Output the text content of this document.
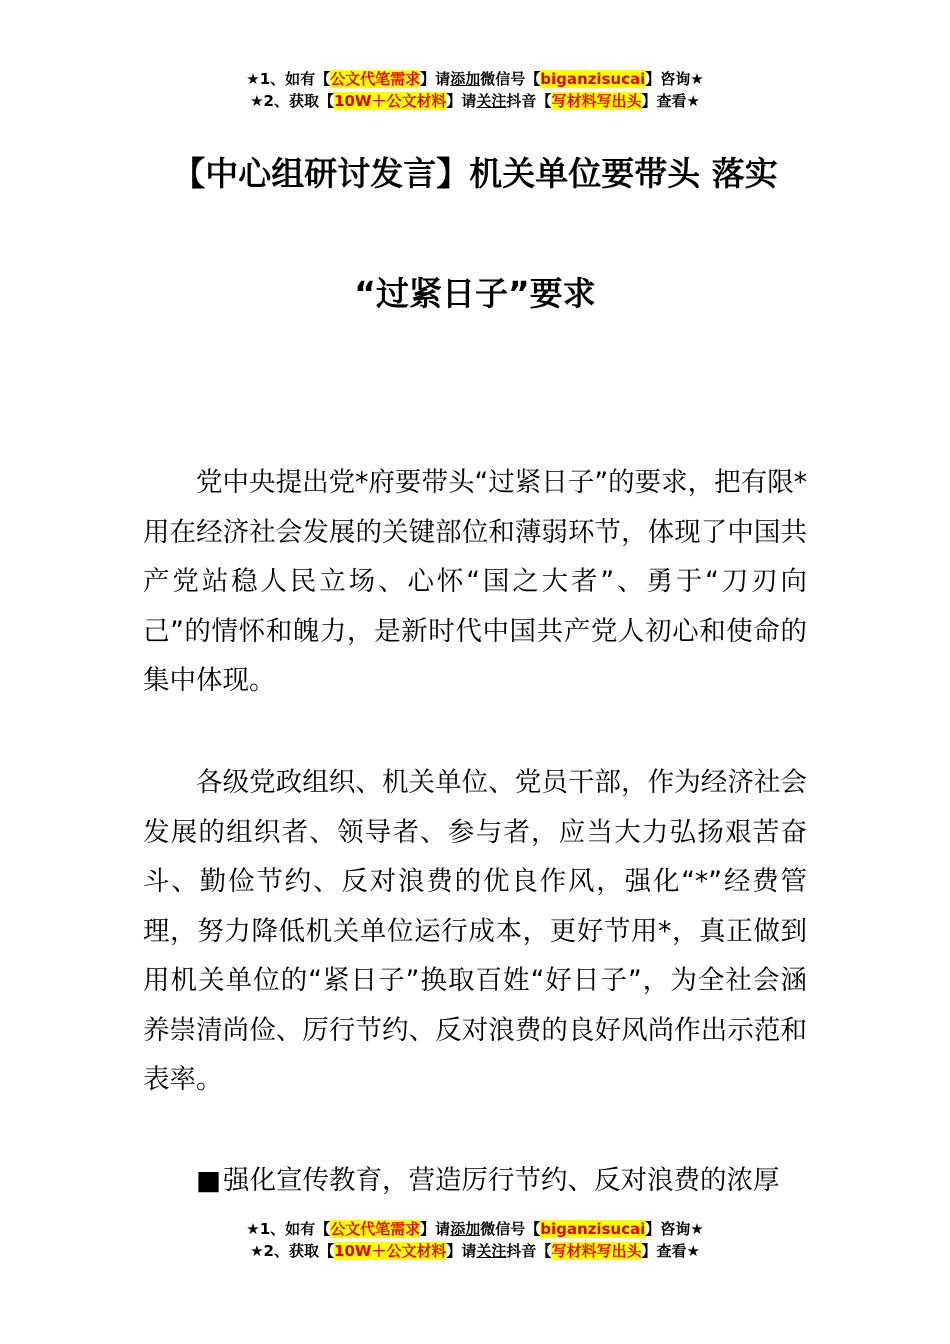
★1、如有【公文代笔需求】请添加微信号【biganzisucai】咨询★
★2、获取【10W＋公文材料】请关注抖音【写材料写出头】查看★
【中心组研讨发言】机关单位要带头 落实
“过紧日子”要求

党中央提出党*府要带头“过紧日子”的要求，把有限*用在经济社会发展的关键部位和薄弱环节，体现了中国共产党站稳人民立场、心怀“国之大者”、勇于“刀刃向己”的情怀和魄力，是新时代中国共产党人初心和使命的集中体现。

各级党政组织、机关单位、党员干部，作为经济社会发展的组织者、领导者、参与者，应当大力弘扬艰苦奋斗、勤俭节约、反对浪费的优良作风，强化“*”经费管理，努力降低机关单位运行成本，更好节用*，真正做到用机关单位的“紧日子”换取百姓“好日子”，为全社会涵养崇清尚俭、厉行节约、反对浪费的良好风尚作出示范和表率。

■强化宣传教育，营造厉行节约、反对浪费的浓厚

★1、如有【公文代笔需求】请添加微信号【biganzisucai】咨询★
★2、获取【10W＋公文材料】请关注抖音【写材料写出头】查看★
